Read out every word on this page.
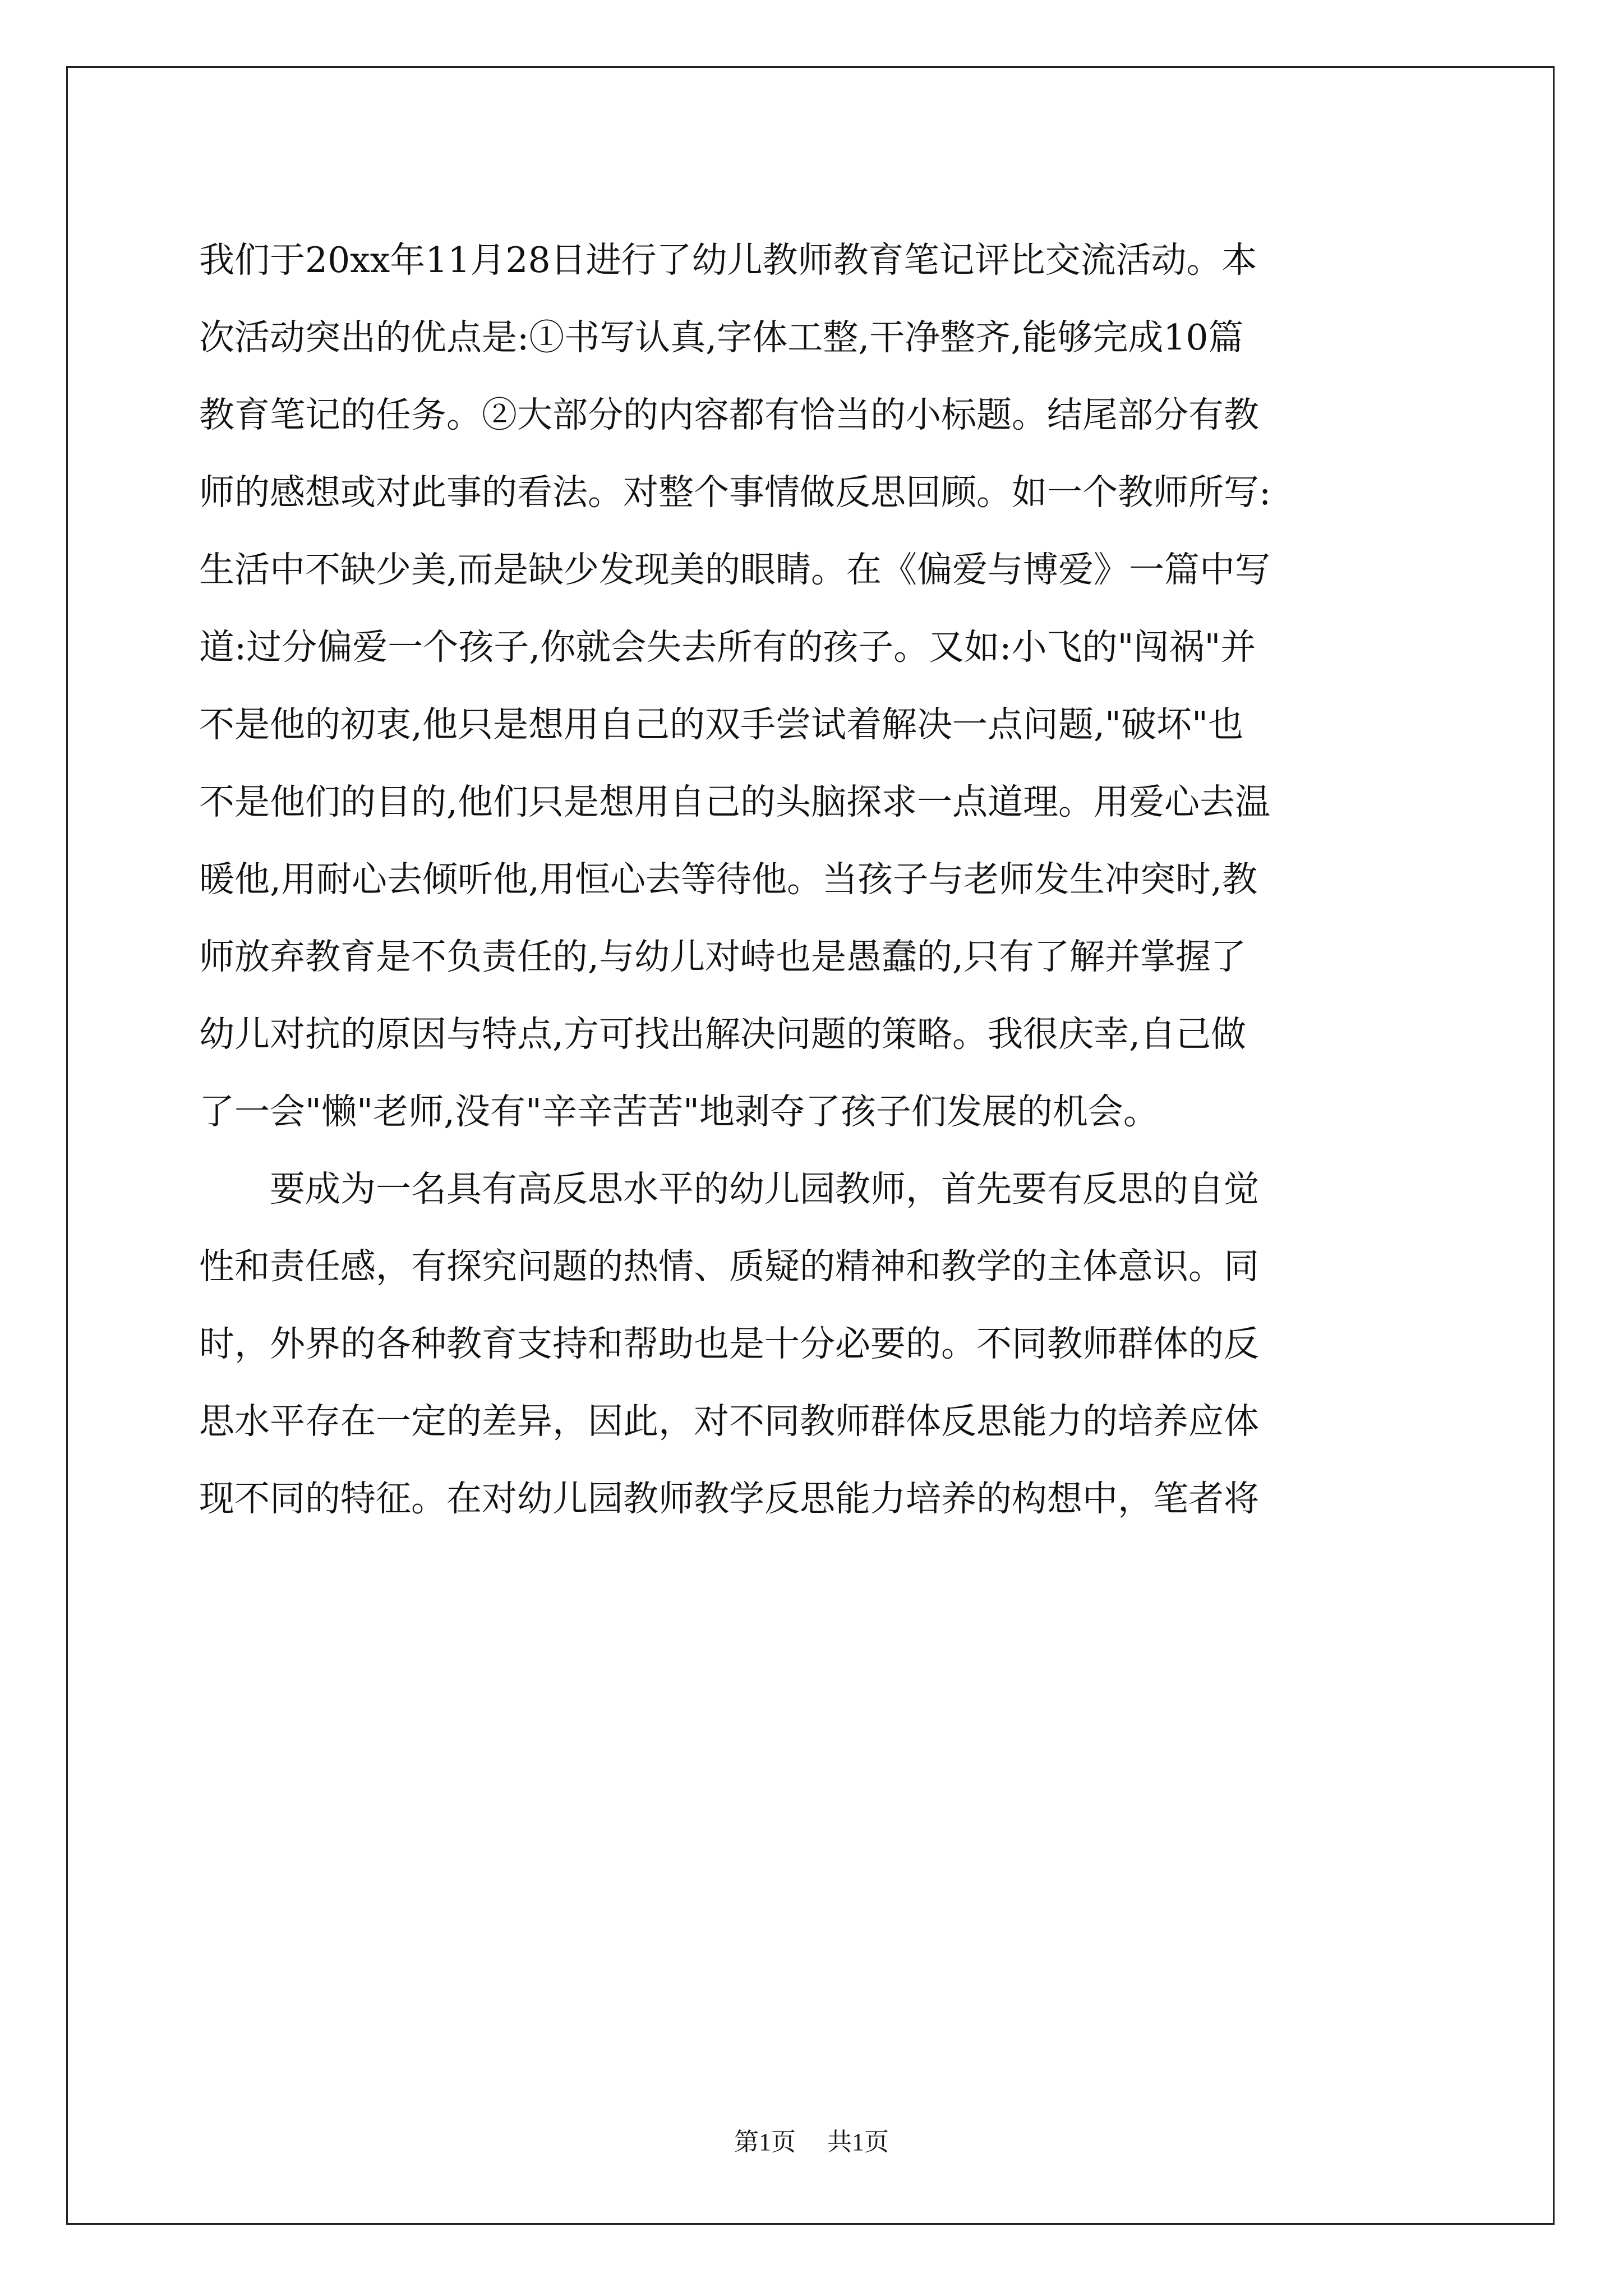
我们于20xx年11月28日进行了幼儿教师教育笔记评比交流活动。本
次活动突出的优点是:①书写认真,字体工整,干净整齐,能够完成10篇
教育笔记的任务。②大部分的内容都有恰当的小标题。结尾部分有教
师的感想或对此事的看法。对整个事情做反思回顾。如一个教师所写:
生活中不缺少美,而是缺少发现美的眼睛。在《偏爱与博爱》一篇中写
道:过分偏爱一个孩子,你就会失去所有的孩子。又如:小飞的"闯祸"并
不是他的初衷,他只是想用自己的双手尝试着解决一点问题,"破坏"也
不是他们的目的,他们只是想用自己的头脑探求一点道理。用爱心去温
暖他,用耐心去倾听他,用恒心去等待他。当孩子与老师发生冲突时,教
师放弃教育是不负责任的,与幼儿对峙也是愚蠢的,只有了解并掌握了
幼儿对抗的原因与特点,方可找出解决问题的策略。我很庆幸,自己做
了一会"懒"老师,没有"辛辛苦苦"地剥夺了孩子们发展的机会。

要成为一名具有高反思水平的幼儿园教师，首先要有反思的自觉
性和责任感，有探究问题的热情、质疑的精神和教学的主体意识。同
时，外界的各种教育支持和帮助也是十分必要的。不同教师群体的反
思水平存在一定的差异，因此，对不同教师群体反思能力的培养应体
现不同的特征。在对幼儿园教师教学反思能力培养的构想中，笔者将

第1页 共1页
